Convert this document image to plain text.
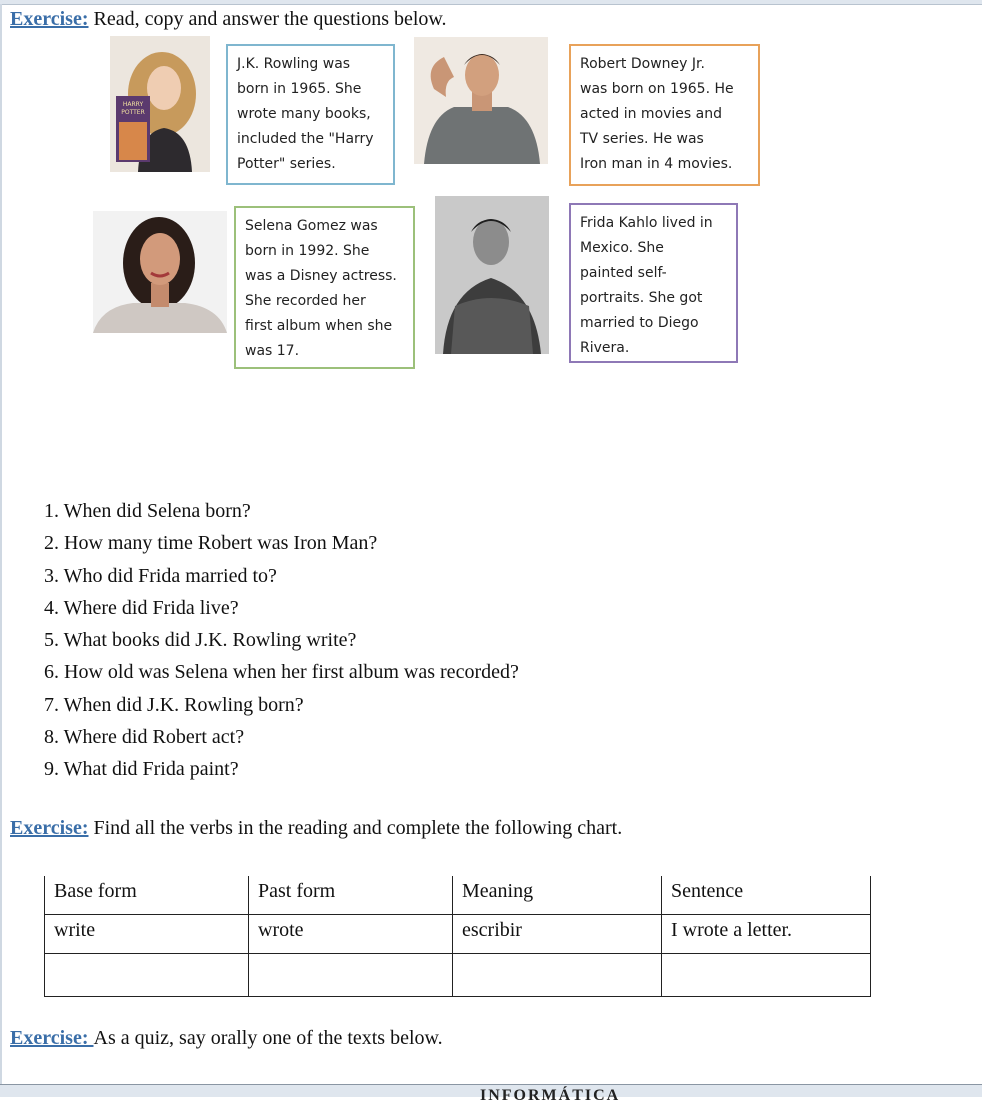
Exercise: Read, copy and answer the questions below.
HARRY
POTTER
J.K. Rowling was
born in 1965. She
wrote many books,
included the "Harry
Potter" series.
Robert Downey Jr.
was born on 1965. He
acted in movies and
TV series. He was
Iron man in 4 movies.
Selena Gomez was
born in 1992. She
was a Disney actress.
She recorded her
first album when she
was 17.
Frida Kahlo lived in
Mexico. She
painted self-
portraits. She got
married to Diego
Rivera.
1. When did Selena born?
2. How many time Robert was Iron Man?
3. Who did Frida married to?
4. Where did Frida live?
5. What books did J.K. Rowling write?
6. How old was Selena when her first album was recorded?
7. When did J.K. Rowling born?
8. Where did Robert act?
9. What did Frida paint?
Exercise: Find all the verbs in the reading and complete the following chart.
Base form	Past form	Meaning	Sentence
write	wrote	escribir	I wrote a letter.

Exercise: As a quiz, say orally one of the texts below.
INFORMÁTICA
